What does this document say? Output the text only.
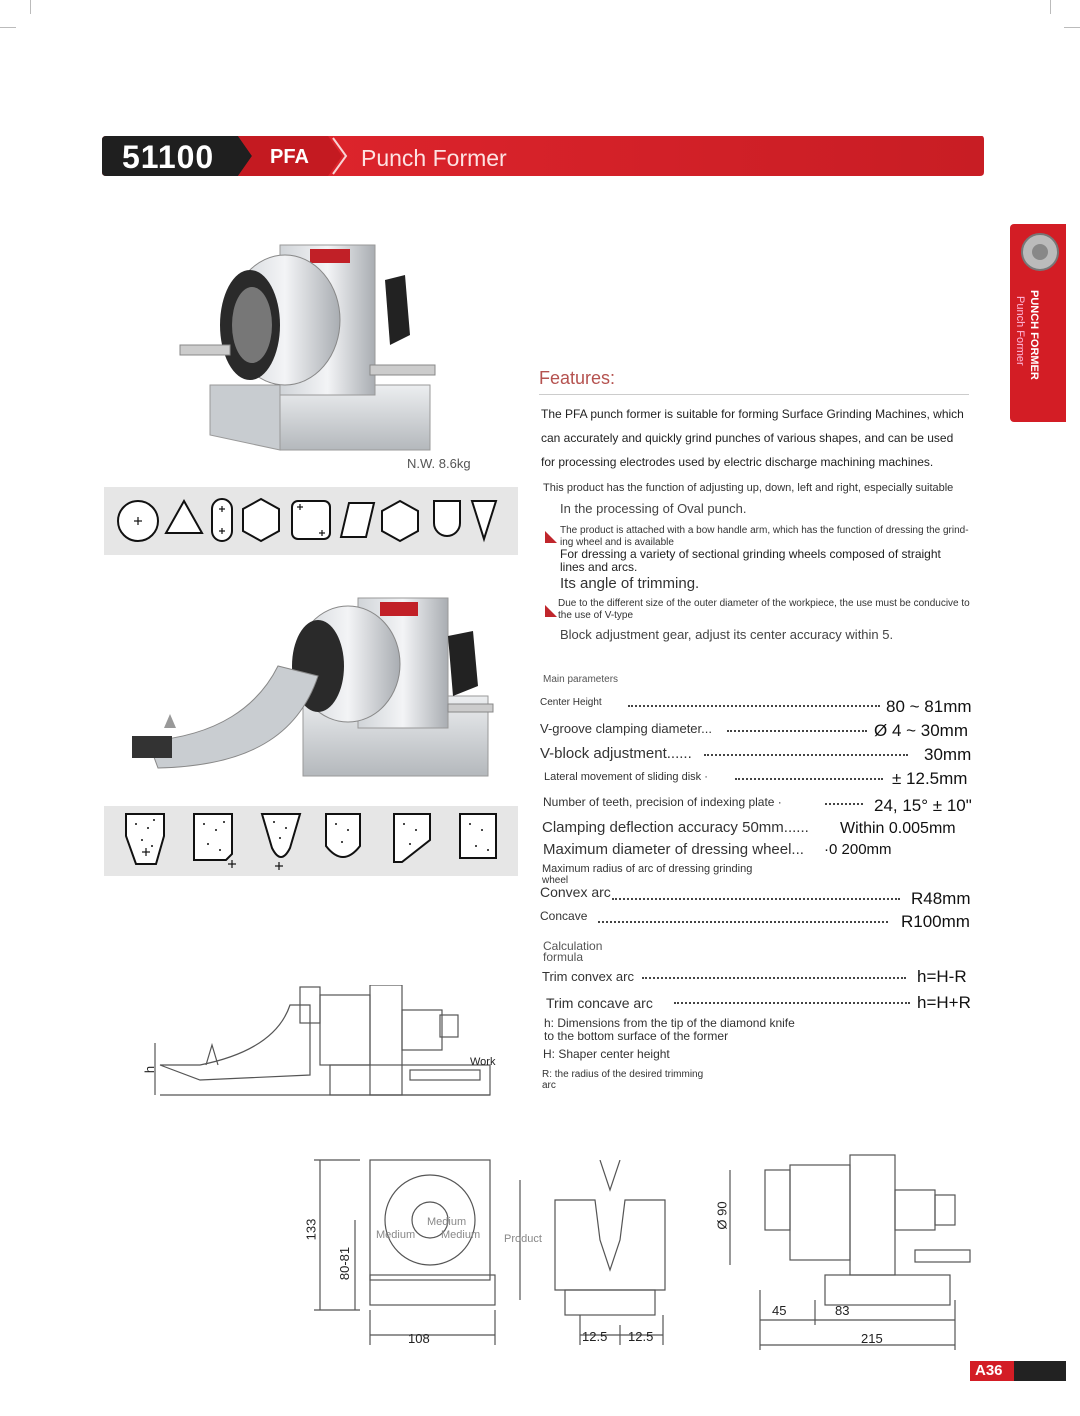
51100	PFA Punch Former
PUNCH FORMER
Punch Former
N.W. 8.6kg
Features:
The PFA punch former is suitable for forming Surface Grinding Machines, which
can accurately and quickly grind punches of various shapes, and can be used
for processing electrodes used by electric discharge machining machines.
This product has the function of adjusting up, down, left and right, especially suitable
In the processing of Oval punch.
The product is attached with a bow handle arm, which has the function of dressing the grind-
ing wheel and is available
For dressing a variety of sectional grinding wheels composed of straight
lines and arcs.
Its angle of trimming.
Due to the different size of the outer diameter of the workpiece, the use must be conducive to
the use of V-type
Block adjustment gear, adjust its center accuracy within 5.
Main parameters
Center Height	80 ~ 81mm
V-groove clamping diameter...	Ø 4 ~ 30mm
V-block adjustment......	30mm
Lateral movement of sliding disk ·	± 12.5mm
Number of teeth, precision of indexing plate ·	24, 15° ± 10"
Clamping deflection accuracy 50mm...... Within 0.005mm
Maximum diameter of dressing wheel... ·0 200mm
Maximum radius of arc of dressing grinding
wheel
Convex arc	R48mm
Concave	R100mm
Calculation
formula
Trim convex arc	h=H-R
Trim concave arc	h=H+R
h: Dimensions from the tip of the diamond knife
to the bottom surface of the former
H: Shaper center height
R: the radius of the desired trimming
arc
h
Work
133
80-81
108
Medium
Medium Medium Product
12.5 12.5
Ø 90
45	83
215
A36
